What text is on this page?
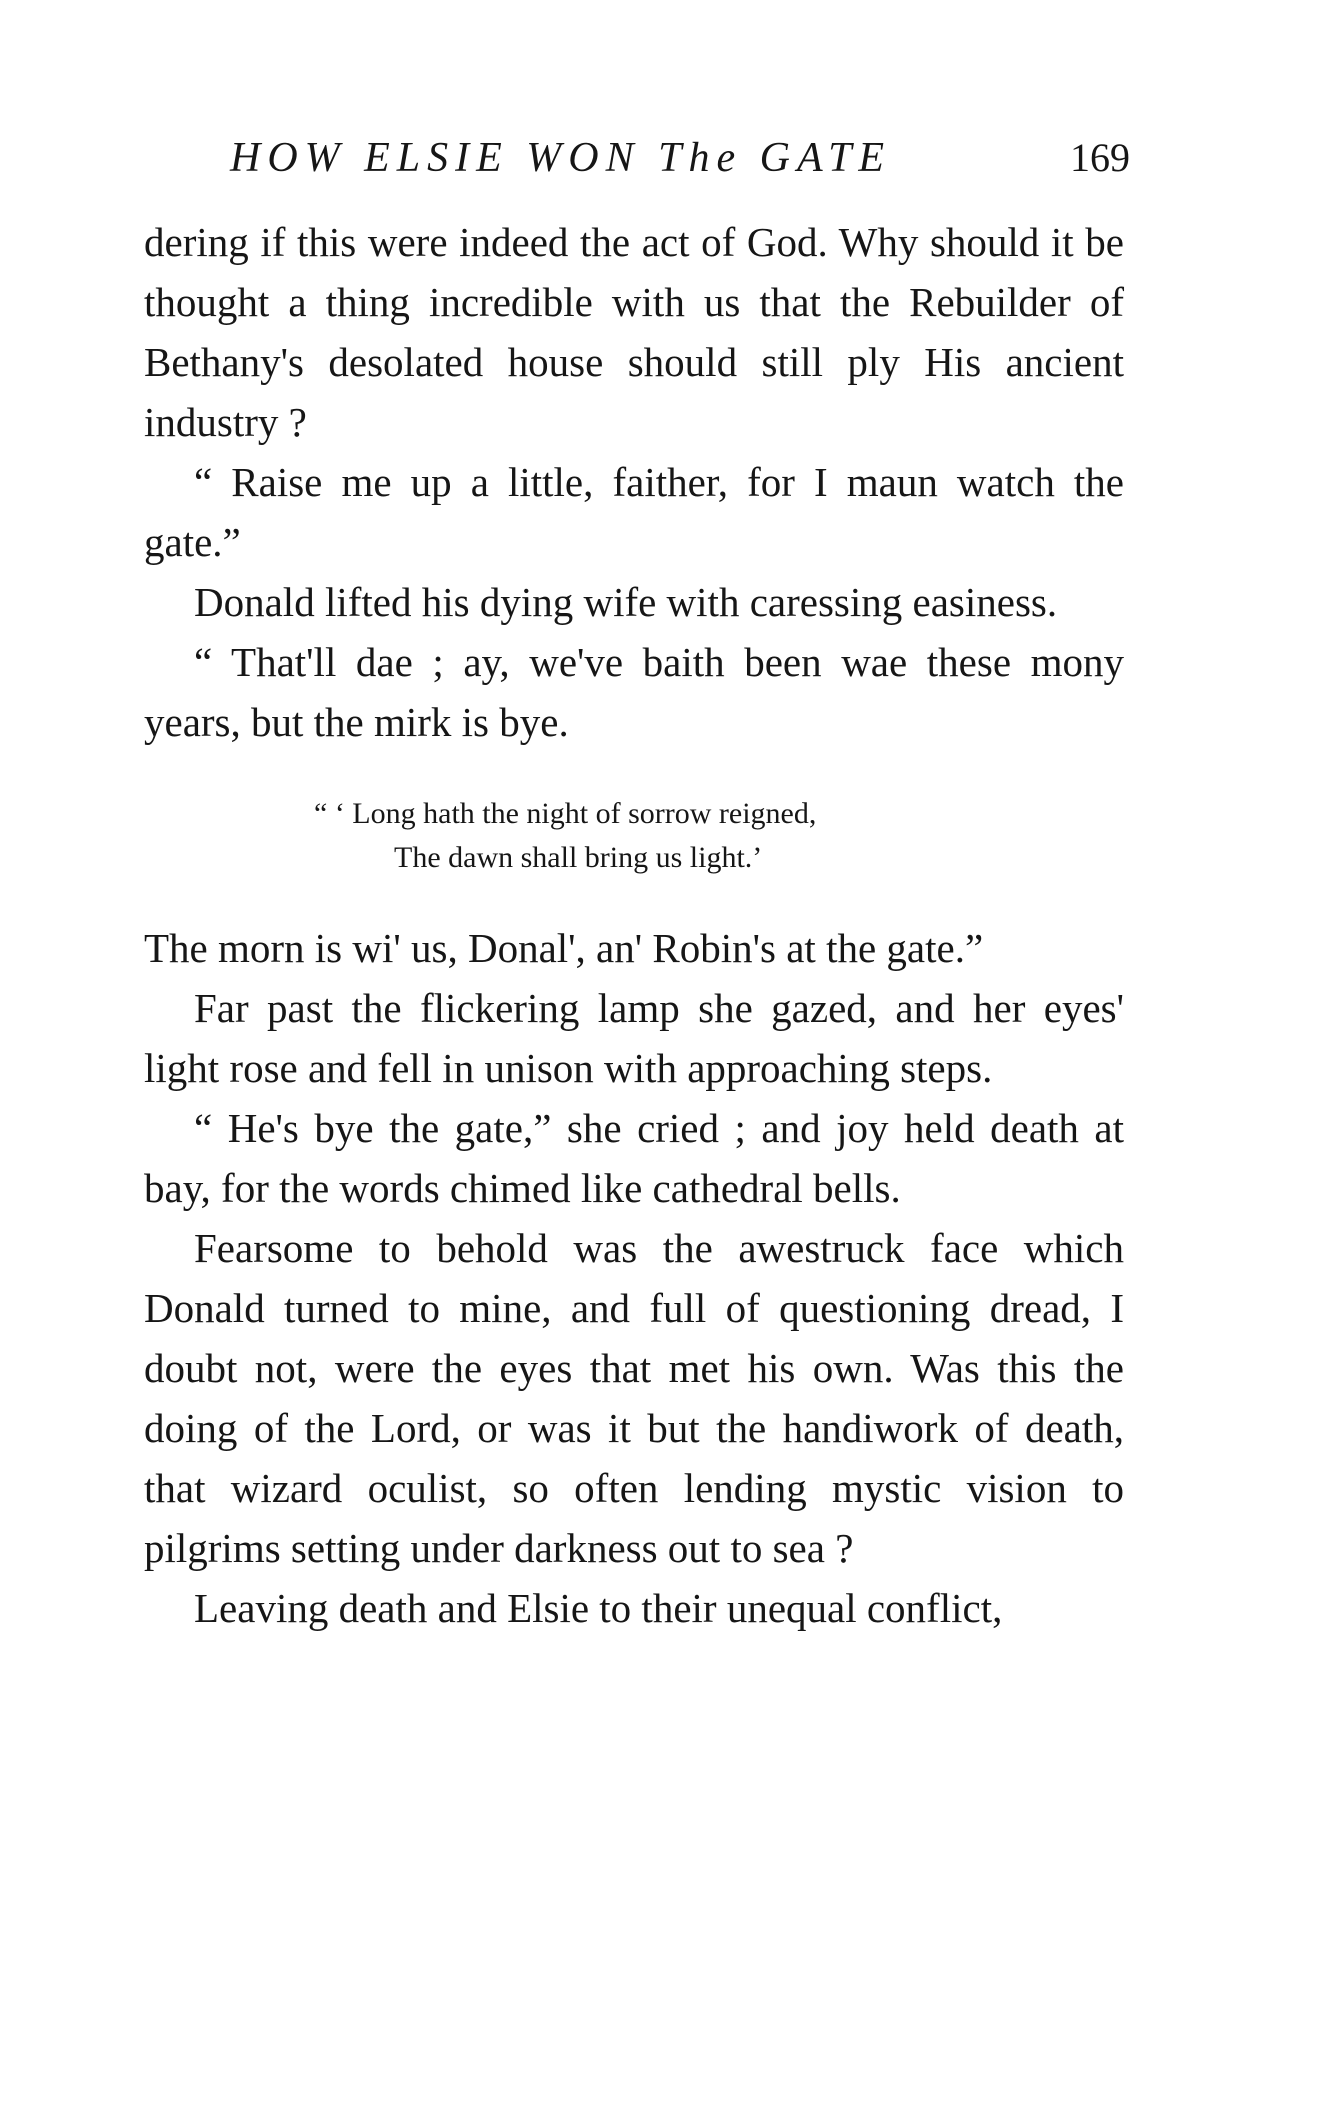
HOW ELSIE WON The GATE	169

dering if this were indeed the act of God. Why should it be thought a thing incredible with us that the Rebuilder of Bethany's desolated house should still ply His ancient industry ?

“ Raise me up a little, faither, for I maun watch the gate.”

Donald lifted his dying wife with caressing easiness.

“ That'll dae ; ay, we've baith been wae these mony years, but the mirk is bye.

“ ‘ Long hath the night of sorrow reigned,
The dawn shall bring us light.’

The morn is wi' us, Donal', an' Robin's at the gate.”

Far past the flickering lamp she gazed, and her eyes' light rose and fell in unison with approaching steps.

“ He's bye the gate,” she cried ; and joy held death at bay, for the words chimed like cathedral bells.

Fearsome to behold was the awestruck face which Donald turned to mine, and full of questioning dread, I doubt not, were the eyes that met his own. Was this the doing of the Lord, or was it but the handiwork of death, that wizard oculist, so often lending mystic vision to pilgrims setting under darkness out to sea ?

Leaving death and Elsie to their unequal conflict,
